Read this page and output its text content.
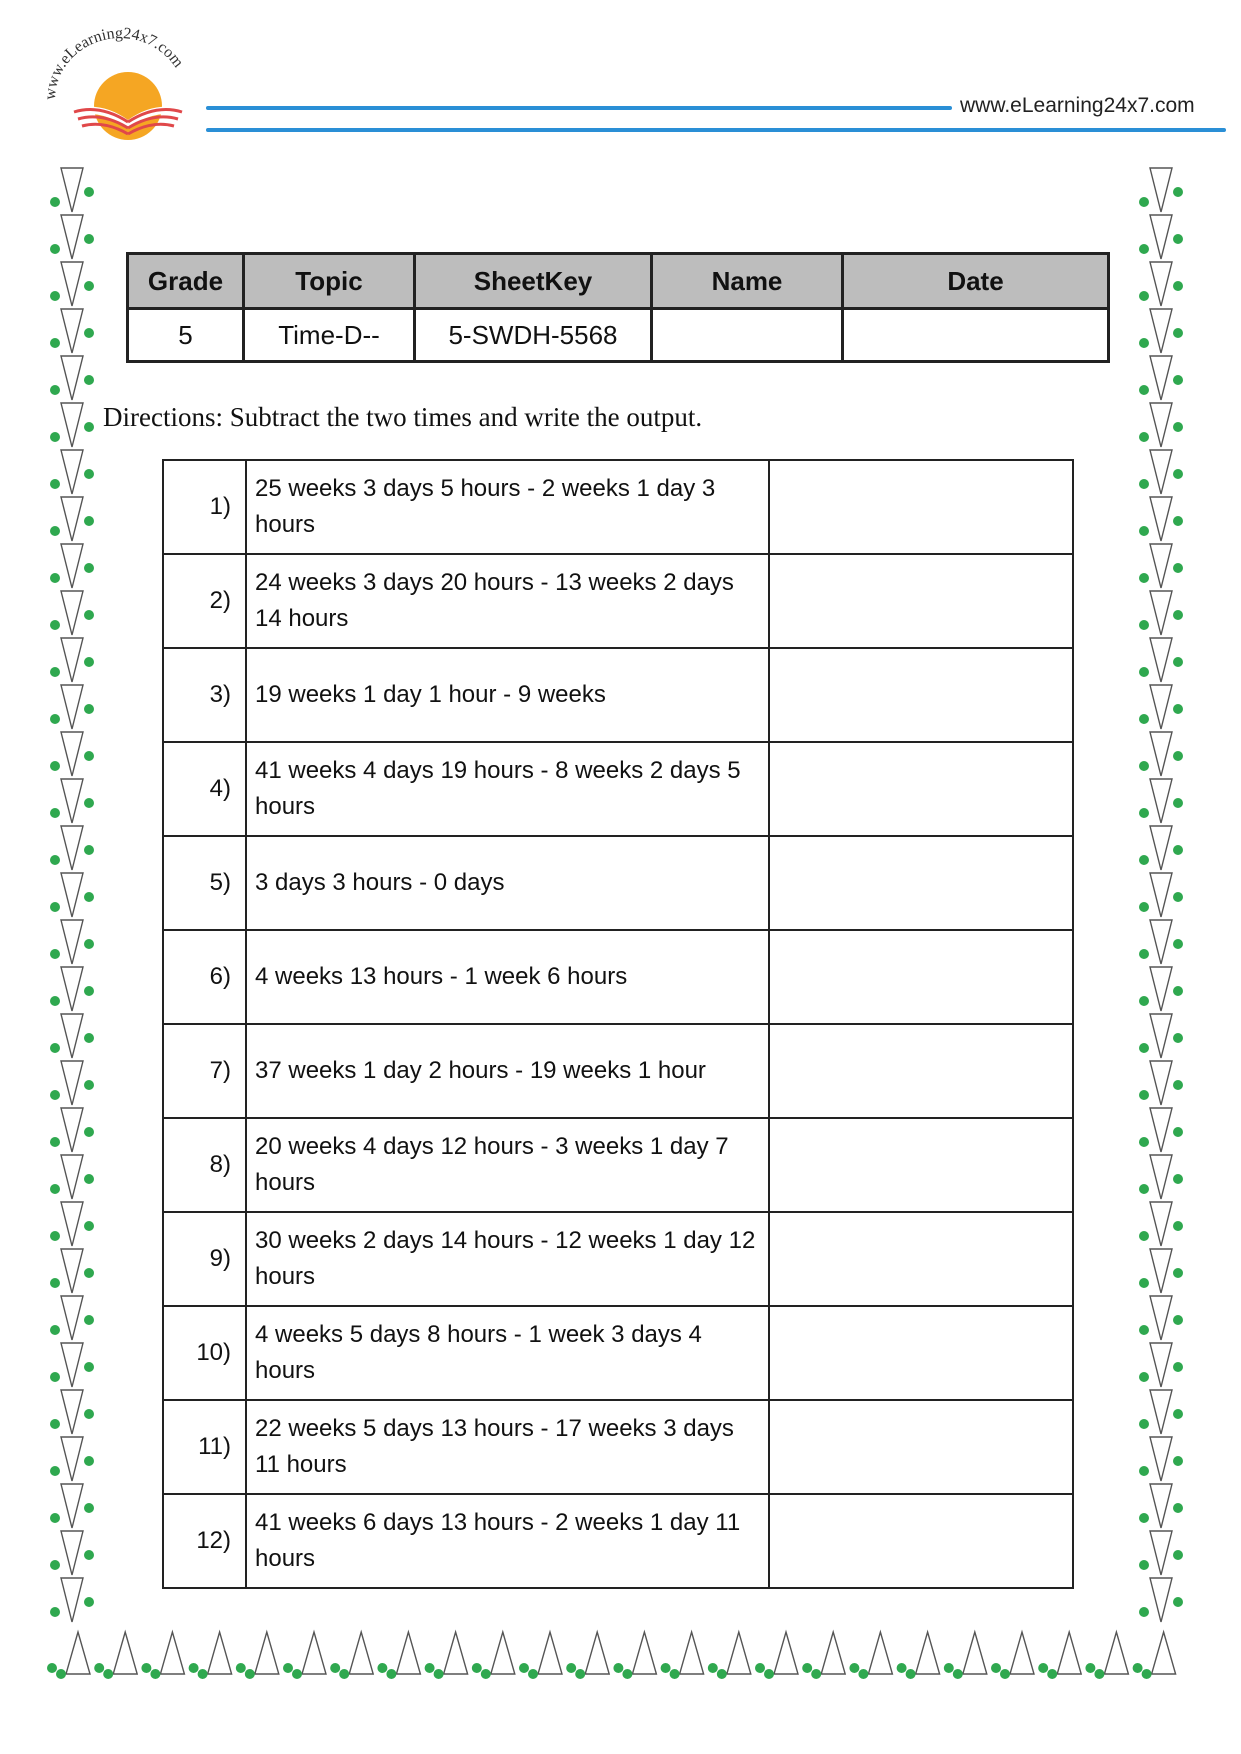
www.eLearning24x7.com
www.eLearning24x7.com
Grade	Topic	SheetKey	Name	Date
5	Time-D--	5-SWDH-5568		
Directions: Subtract the two times and write the output.
1)	25 weeks 3 days 5 hours - 2 weeks 1 day 3 hours	
2)	24 weeks 3 days 20 hours - 13 weeks 2 days 14 hours	
3)	19 weeks 1 day 1 hour - 9 weeks	
4)	41 weeks 4 days 19 hours - 8 weeks 2 days 5 hours	
5)	3 days 3 hours - 0 days	
6)	4 weeks 13 hours - 1 week 6 hours	
7)	37 weeks 1 day 2 hours - 19 weeks 1 hour	
8)	20 weeks 4 days 12 hours - 3 weeks 1 day 7 hours	
9)	30 weeks 2 days 14 hours - 12 weeks 1 day 12 hours	
10)	4 weeks 5 days 8 hours - 1 week 3 days 4 hours	
11)	22 weeks 5 days 13 hours - 17 weeks 3 days 11 hours	
12)	41 weeks 6 days 13 hours - 2 weeks 1 day 11 hours	
